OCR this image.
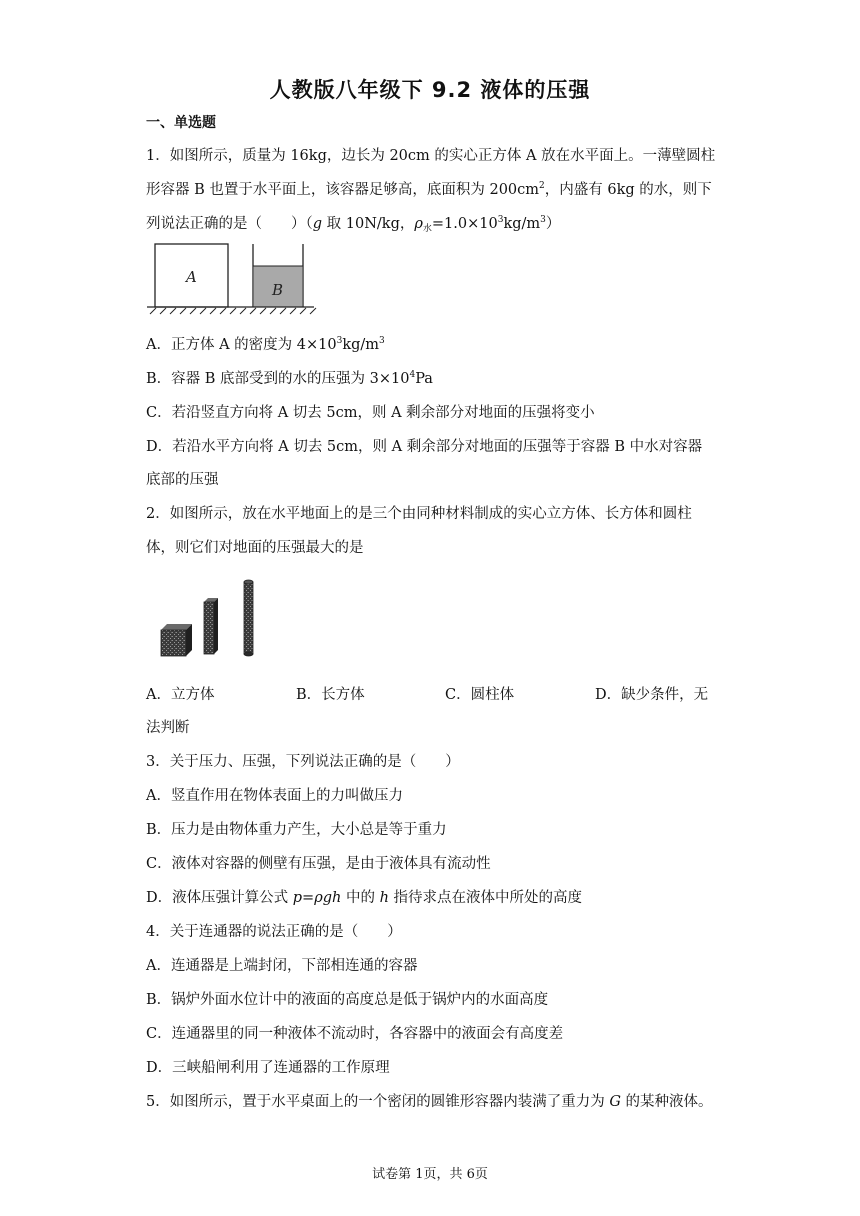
人教版八年级下 9.2 液体的压强
一、单选题
1．如图所示，质量为 16kg，边长为 20cm 的实心正方体 A 放在水平面上。一薄壁圆柱
形容器 B 也置于水平面上，该容器足够高，底面积为 $200cm^2$，内盛有 6kg 的水，则下
列说法正确的是（　　）（g 取 10N/kg，$\rho_水=1.0\times 10^3kg/m^3$）
A
B
A．正方体 A 的密度为 $4\times 10^3kg/m^3$
B．容器 B 底部受到的水的压强为 $3\times 10^4Pa$
C．若沿竖直方向将 A 切去 5cm，则 A 剩余部分对地面的压强将变小
D．若沿水平方向将 A 切去 5cm，则 A 剩余部分对地面的压强等于容器 B 中水对容器
底部的压强
2．如图所示，放在水平地面上的是三个由同种材料制成的实心立方体、长方体和圆柱
体，则它们对地面的压强最大的是
A．立方体	B．长方体	C．圆柱体	D．缺少条件，无
法判断
3．关于压力、压强，下列说法正确的是（　　）
A．竖直作用在物体表面上的力叫做压力
B．压力是由物体重力产生，大小总是等于重力
C．液体对容器的侧壁有压强，是由于液体具有流动性
D．液体压强计算公式 p=ρgh 中的 h 指待求点在液体中所处的高度
4．关于连通器的说法正确的是（　　）
A．连通器是上端封闭，下部相连通的容器
B．锅炉外面水位计中的液面的高度总是低于锅炉内的水面高度
C．连通器里的同一种液体不流动时，各容器中的液面会有高度差
D．三峡船闸利用了连通器的工作原理
5．如图所示，置于水平桌面上的一个密闭的圆锥形容器内装满了重力为 G 的某种液体。
试卷第 1页，共 6页
